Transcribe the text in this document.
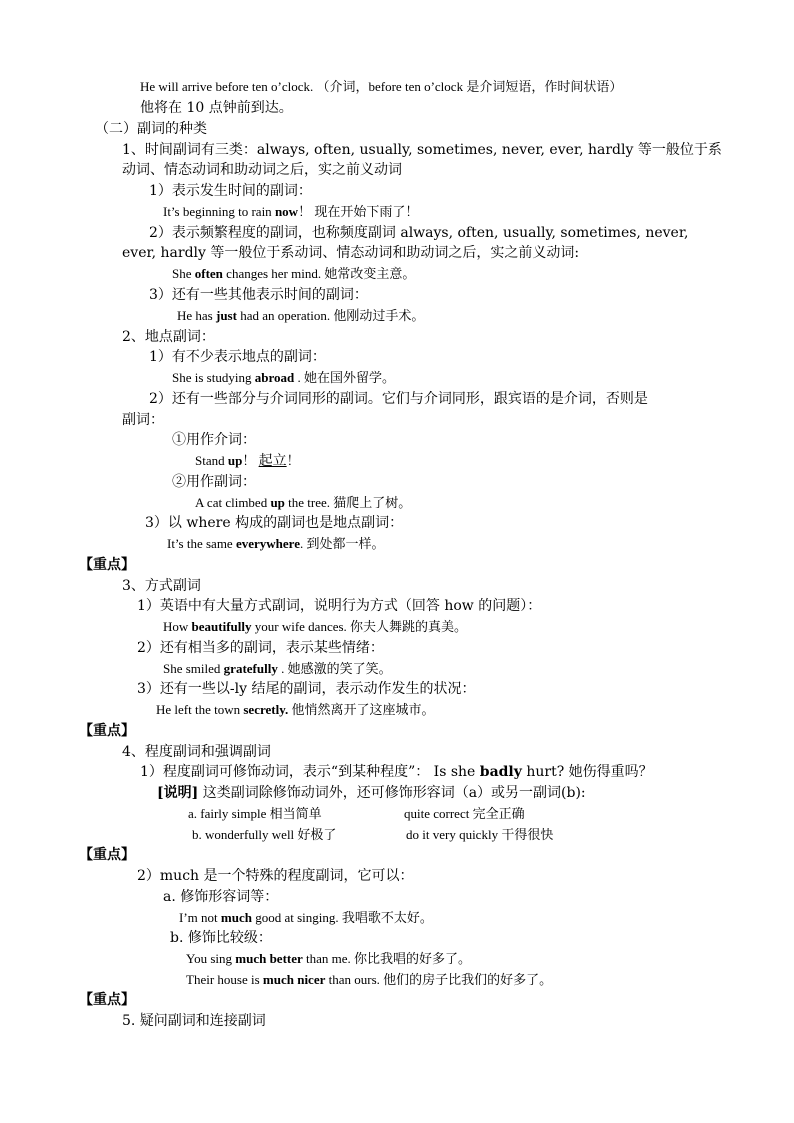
He will arrive before ten o’clock. （介词，before ten o’clock 是介词短语，作时间状语）
他将在 10 点钟前到达。
（二）副词的种类
1、时间副词有三类：always, often, usually, sometimes, never, ever, hardly 等一般位于系
动词、情态动词和助动词之后，实之前义动词
1）表示发生时间的副词：
It’s beginning to rain now！ 现在开始下雨了！
2）表示频繁程度的副词，也称频度副词 always, often, usually, sometimes, never,
ever, hardly 等一般位于系动词、情态动词和助动词之后，实之前义动词:
She often changes her mind. 她常改变主意。
3）还有一些其他表示时间的副词：
He has just had an operation. 他刚动过手术。
2、地点副词：
1）有不少表示地点的副词：
She is studying abroad . 她在国外留学。
2）还有一些部分与介词同形的副词。它们与介词同形，跟宾语的是介词，否则是
副词：
①用作介词：
Stand up！ 起立！
②用作副词：
A cat climbed up the tree. 猫爬上了树。
3）以 where 构成的副词也是地点副词：
It’s the same everywhere. 到处都一样。
【重点】
3、方式副词
1）英语中有大量方式副词，说明行为方式（回答 how 的问题）：
How beautifully your wife dances. 你夫人舞跳的真美。
2）还有相当多的副词，表示某些情绪：
She smiled gratefully . 她感激的笑了笑。
3）还有一些以-ly 结尾的副词，表示动作发生的状况：
He left the town secretly. 他悄然离开了这座城市。
【重点】
4、程度副词和强调副词
1）程度副词可修饰动词，表示“到某种程度”： Is she badly hurt? 她伤得重吗？
[说明] 这类副词除修饰动词外，还可修饰形容词（a）或另一副词(b):
a. fairly simple 相当简单	quite correct 完全正确
b. wonderfully well 好极了	do it very quickly 干得很快
【重点】
2）much 是一个特殊的程度副词，它可以：
a. 修饰形容词等：
I’m not much good at singing. 我唱歌不太好。
b. 修饰比较级：
You sing much better than me. 你比我唱的好多了。
Their house is much nicer than ours. 他们的房子比我们的好多了。
【重点】
5. 疑问副词和连接副词
